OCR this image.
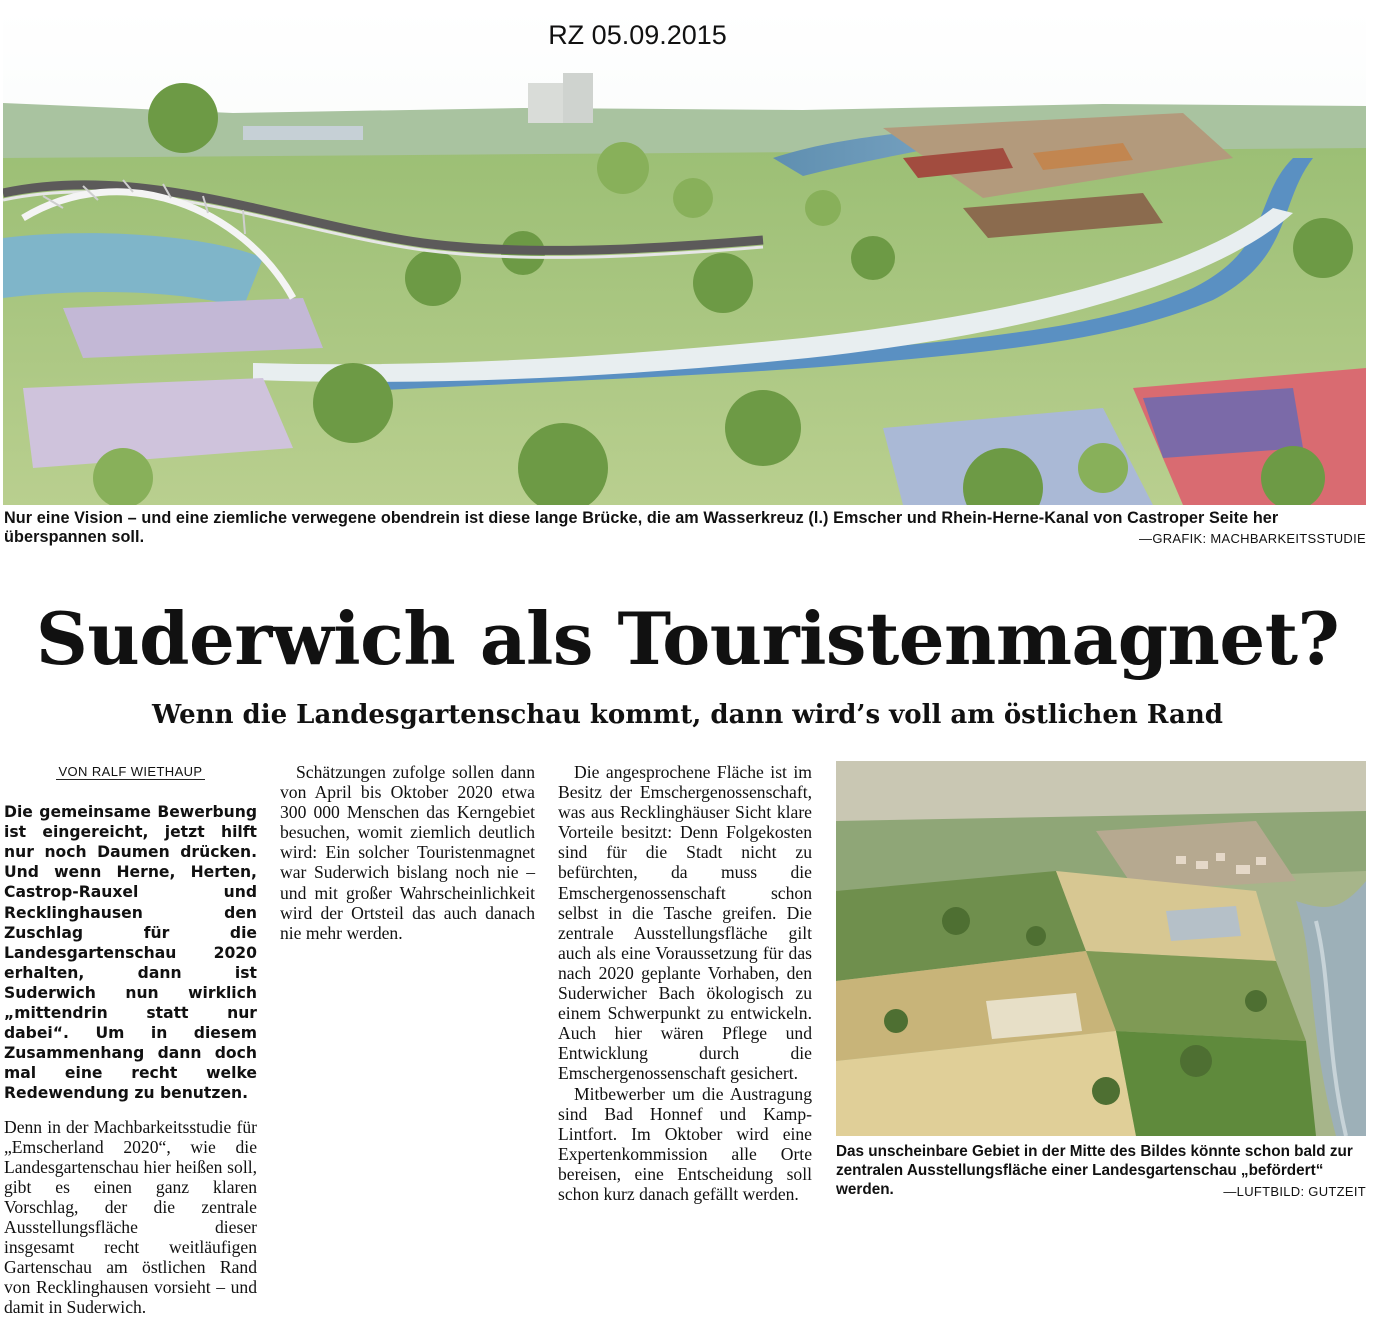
RZ 05.09.2015
Nur eine Vision – und eine ziemliche verwegene obendrein ist diese lange Brücke, die am Wasserkreuz (l.) Emscher und Rhein-Herne-Kanal von Castroper Seite her überspannen soll.	—GRAFIK: MACHBARKEITSSTUDIE
Suderwich als Touristenmagnet?
Wenn die Landesgartenschau kommt, dann wird’s voll am östlichen Rand
VON RALF WIETHAUP

Die gemeinsame Bewerbung ist eingereicht, jetzt hilft nur noch Daumen drücken. Und wenn Herne, Herten, Castrop-Rauxel und Recklinghausen den Zuschlag für die Landesgartenschau 2020 erhalten, dann ist Suderwich nun wirklich „mittendrin statt nur dabei“. Um in diesem Zusammenhang dann doch mal eine recht welke Redewendung zu benutzen.

Denn in der Machbarkeitsstudie für „Emscherland 2020“, wie die Landesgartenschau hier heißen soll, gibt es einen ganz klaren Vorschlag, der die zentrale Ausstellungsfläche dieser insgesamt recht weitläufigen Gartenschau am östlichen Rand von Recklinghausen vorsieht – und damit in Suderwich.

Schätzungen zufolge sollen dann von April bis Oktober 2020 etwa 300 000 Menschen das Kerngebiet besuchen, womit ziemlich deutlich wird: Ein solcher Touristenmagnet war Suderwich bislang noch nie – und mit großer Wahrscheinlichkeit wird der Ortsteil das auch danach nie mehr werden.

Die angesprochene Fläche ist im Besitz der Emschergenossenschaft, was aus Recklinghäuser Sicht klare Vorteile besitzt: Denn Folgekosten sind für die Stadt nicht zu befürchten, da muss die Emschergenossenschaft schon selbst in die Tasche greifen. Die zentrale Ausstellungsfläche gilt auch als eine Voraussetzung für das nach 2020 geplante Vorhaben, den Suderwicher Bach ökologisch zu einem Schwerpunkt zu entwickeln. Auch hier wären Pflege und Entwicklung durch die Emschergenossenschaft gesichert.

Mitbewerber um die Austragung sind Bad Honnef und Kamp-Lintfort. Im Oktober wird eine Expertenkommission alle Orte bereisen, eine Entscheidung soll schon kurz danach gefällt werden.

Das unscheinbare Gebiet in der Mitte des Bildes könnte schon bald zur zentralen Ausstellungsfläche einer Landesgartenschau „befördert“ werden.	—LUFTBILD: GUTZEIT
